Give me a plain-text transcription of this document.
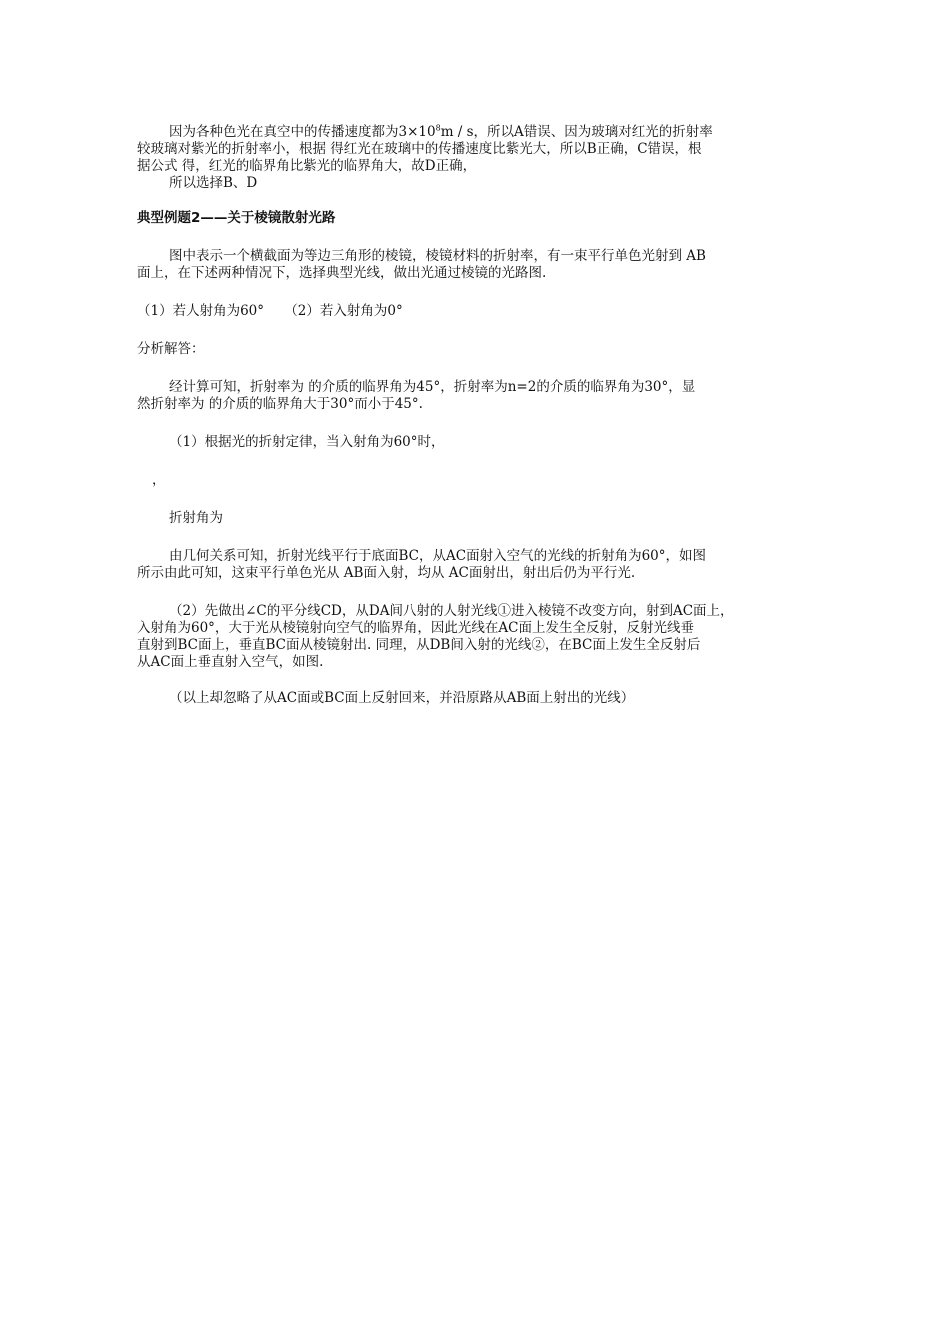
因为各种色光在真空中的传播速度都为$3\times 10^8m / s$，所以A错误、因为玻璃对红光的折射率
较玻璃对紫光的折射率小，根据 得红光在玻璃中的传播速度比紫光大，所以B正确，C错误，根
据公式 得，红光的临界角比紫光的临界角大，故D正确，
所以选择B、D
典型例题2——关于棱镜散射光路
图中表示一个横截面为等边三角形的棱镜，棱镜材料的折射率，有一束平行单色光射到 AB
面上，在下述两种情况下，选择典型光线，做出光通过棱镜的光路图.
（1）若人射角为60°　　（2）若入射角为0°
分析解答：
经计算可知，折射率为 的介质的临界角为45°，折射率为n=2的介质的临界角为30°，显
然折射率为 的介质的临界角大于30°而小于45°.
（1）根据光的折射定律，当入射角为60°时，
，
折射角为
由几何关系可知，折射光线平行于底面BC，从AC面射入空气的光线的折射角为60°，如图
所示由此可知，这束平行单色光从 AB面入射，均从 AC面射出，射出后仍为平行光.
（2）先做出∠C的平分线CD，从DA间八射的人射光线①进入棱镜不改变方向，射到AC面上，
入射角为60°，大于光从棱镜射向空气的临界角，因此光线在AC面上发生全反射，反射光线垂
直射到BC面上，垂直BC面从棱镜射出. 同理，从DB间入射的光线②，在BC面上发生全反射后
从AC面上垂直射入空气，如图.
（以上却忽略了从AC面或BC面上反射回来，并沿原路从AB面上射出的光线）
